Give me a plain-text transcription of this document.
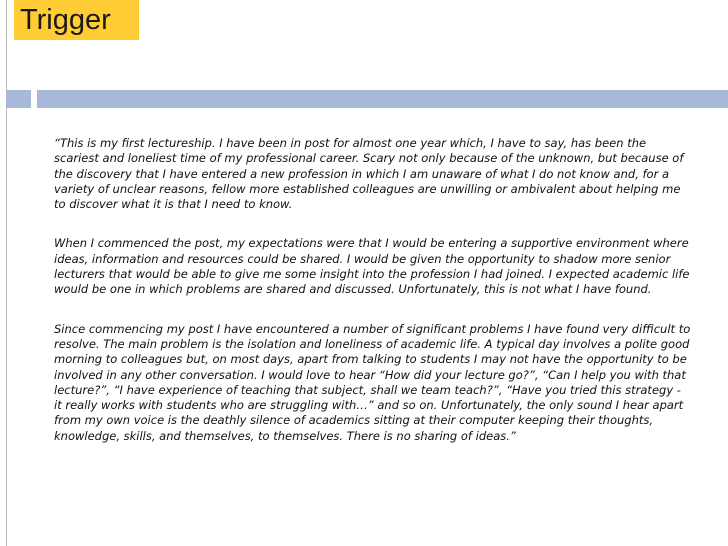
Trigger

“This is my first lectureship. I have been in post for almost one year which, I have to say, has been the scariest and loneliest time of my professional career. Scary not only because of the unknown, but because of the discovery that I have entered a new profession in which I am unaware of what I do not know and, for a variety of unclear reasons, fellow more established colleagues are unwilling or ambivalent about helping me to discover what it is that I need to know.

When I commenced the post, my expectations were that I would be entering a supportive environment where ideas, information and resources could be shared. I would be given the opportunity to shadow more senior lecturers that would be able to give me some insight into the profession I had joined. I expected academic life would be one in which problems are shared and discussed. Unfortunately, this is not what I have found.

Since commencing my post I have encountered a number of significant problems I have found very difficult to resolve. The main problem is the isolation and loneliness of academic life. A typical day involves a polite good morning to colleagues but, on most days, apart from talking to students I may not have the opportunity to be involved in any other conversation. I would love to hear “How did your lecture go?”, “Can I help you with that lecture?”, “I have experience of teaching that subject, shall we team teach?”, “Have you tried this strategy - it really works with students who are struggling with…” and so on. Unfortunately, the only sound I hear apart from my own voice is the deathly silence of academics sitting at their computer keeping their thoughts, knowledge, skills, and themselves, to themselves. There is no sharing of ideas.”
